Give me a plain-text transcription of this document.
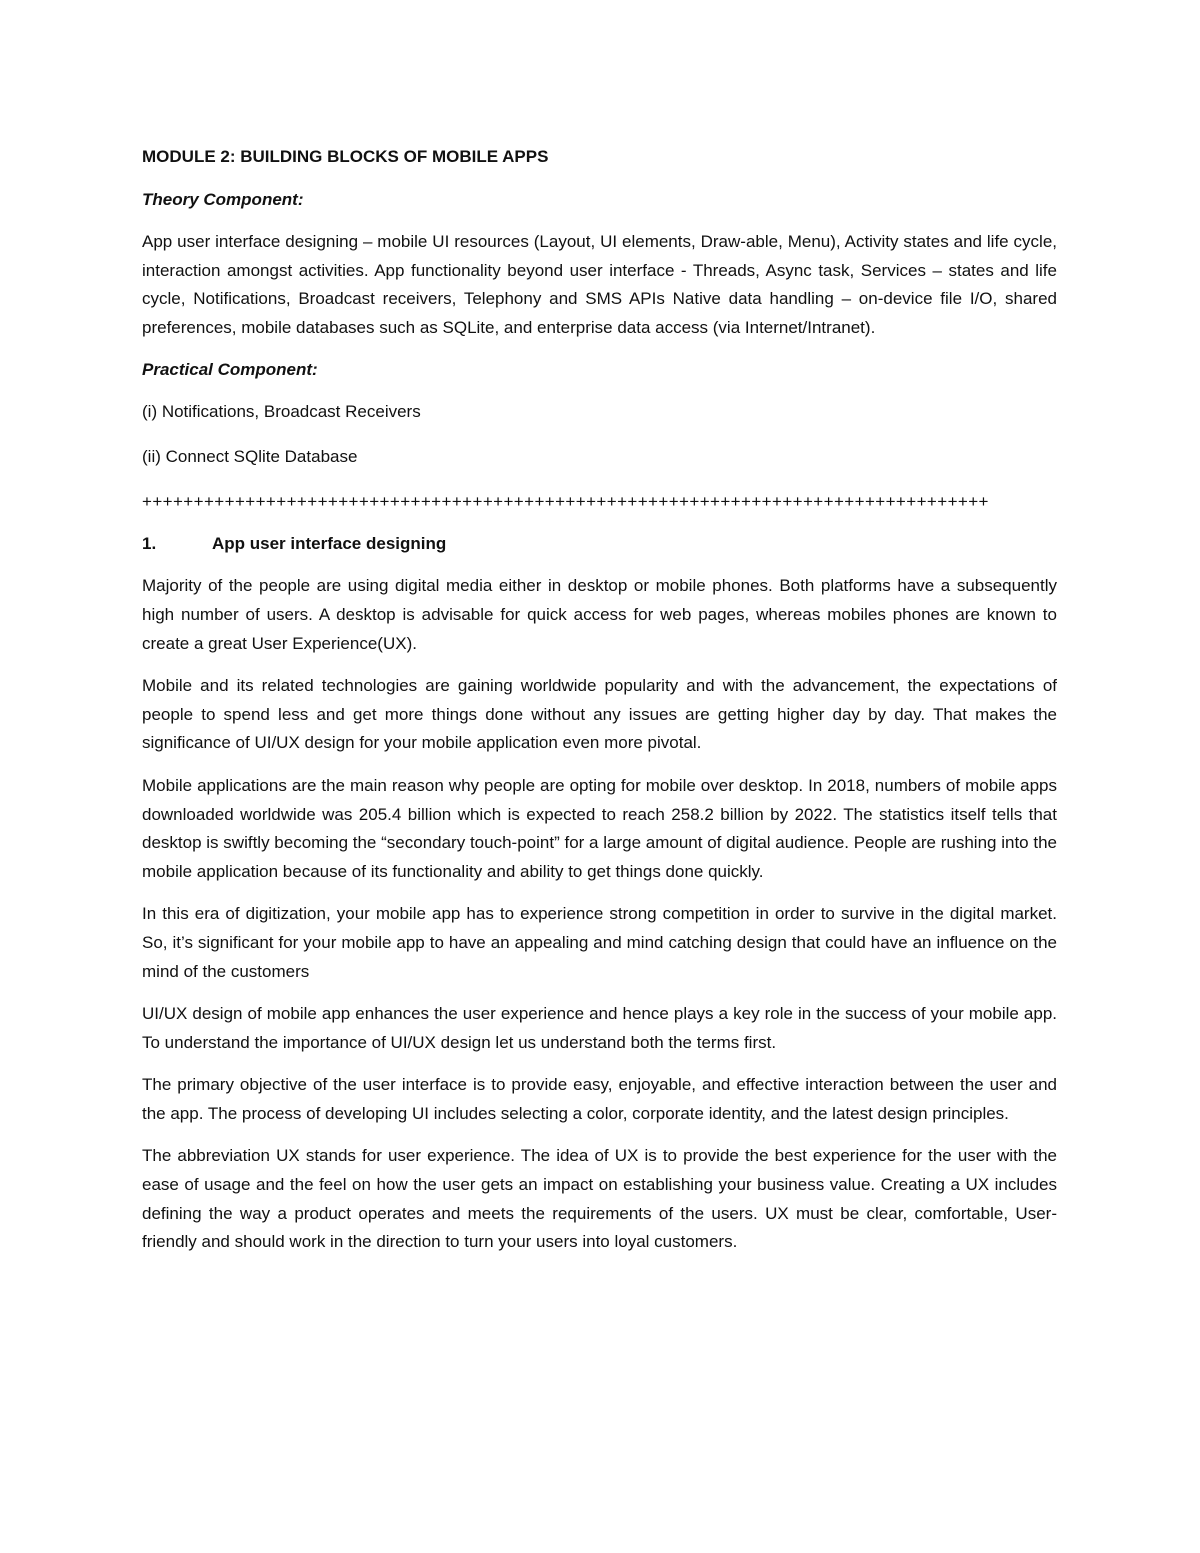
MODULE 2: BUILDING BLOCKS OF MOBILE APPS

Theory Component:

App user interface designing – mobile UI resources (Layout, UI elements, Draw-able, Menu), Activity states and life cycle, interaction amongst activities. App functionality beyond user interface - Threads, Async task, Services – states and life cycle, Notifications, Broadcast receivers, Telephony and SMS APIs Native data handling – on-device file I/O, shared preferences, mobile databases such as SQLite, and enterprise data access (via Internet/Intranet).

Practical Component:

(i) Notifications, Broadcast Receivers

(ii) Connect SQlite Database

++++++++++++++++++++++++++++++++++++++++++++++++++++++++++++++++++++++++++++++++++

1.	App user interface designing

Majority of the people are using digital media either in desktop or mobile phones. Both platforms have a subsequently high number of users. A desktop is advisable for quick access for web pages, whereas mobiles phones are known to create a great User Experience(UX).

Mobile and its related technologies are gaining worldwide popularity and with the advancement, the expectations of people to spend less and get more things done without any issues are getting higher day by day. That makes the significance of UI/UX design for your mobile application even more pivotal.

Mobile applications are the main reason why people are opting for mobile over desktop. In 2018, numbers of mobile apps downloaded worldwide was 205.4 billion which is expected to reach 258.2 billion by 2022. The statistics itself tells that desktop is swiftly becoming the “secondary touch-point” for a large amount of digital audience. People are rushing into the mobile application because of its functionality and ability to get things done quickly.

In this era of digitization, your mobile app has to experience strong competition in order to survive in the digital market. So, it’s significant for your mobile app to have an appealing and mind catching design that could have an influence on the mind of the customers

UI/UX design of mobile app enhances the user experience and hence plays a key role in the success of your mobile app. To understand the importance of UI/UX design let us understand both the terms first.

The primary objective of the user interface is to provide easy, enjoyable, and effective interaction between the user and the app. The process of developing UI includes selecting a color, corporate identity, and the latest design principles.

The abbreviation UX stands for user experience. The idea of UX is to provide the best experience for the user with the ease of usage and the feel on how the user gets an impact on establishing your business value. Creating a UX includes defining the way a product operates and meets the requirements of the users. UX must be clear, comfortable, User-friendly and should work in the direction to turn your users into loyal customers.
